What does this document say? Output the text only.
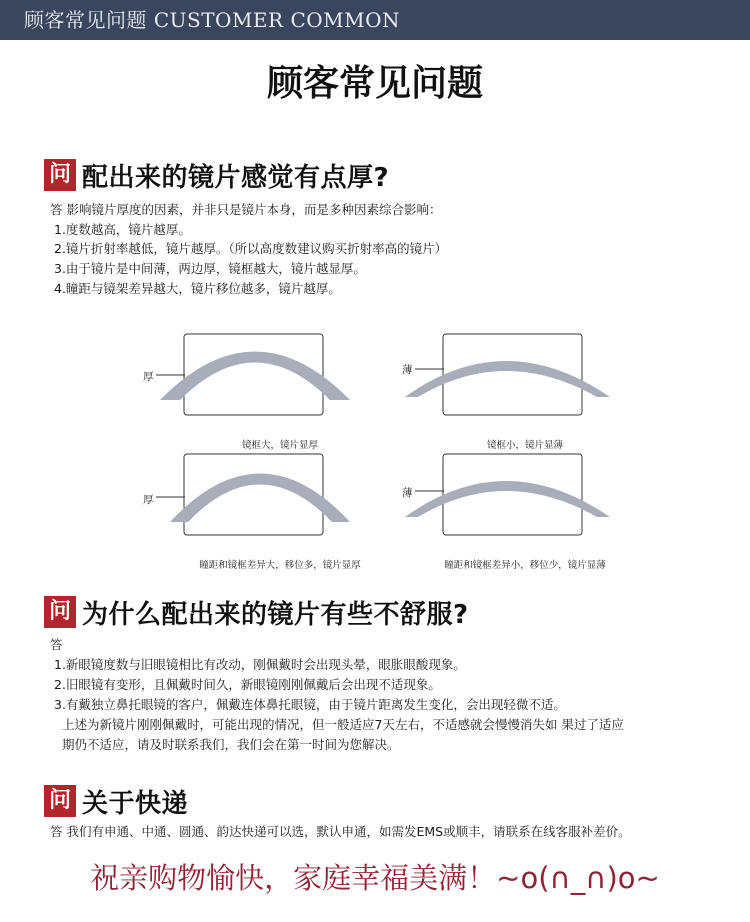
顾客常见问题 CUSTOMER COMMON
顾客常见问题
问 配出来的镜片感觉有点厚?
答 影响镜片厚度的因素，并非只是镜片本身，而是多种因素综合影响：
1.度数越高，镜片越厚。
2.镜片折射率越低，镜片越厚。（所以高度数建议购买折射率高的镜片）
3.由于镜片是中间薄，两边厚，镜框越大，镜片越显厚。
4.瞳距与镜架差异越大，镜片移位越多，镜片越厚。
厚
镜框大，镜片显厚
薄
镜框小，镜片显薄
厚
瞳距和镜框差异大，移位多，镜片显厚
薄
瞳距和镜框差异小，移位少，镜片显薄
问 为什么配出来的镜片有些不舒服?
答
1.新眼镜度数与旧眼镜相比有改动，刚佩戴时会出现头晕，眼胀眼酸现象。
2.旧眼镜有变形，且佩戴时间久，新眼镜刚刚佩戴后会出现不适现象。
3.有戴独立鼻托眼镜的客户，佩戴连体鼻托眼镜，由于镜片距离发生变化，会出现轻微不适。
上述为新镜片刚刚佩戴时，可能出现的情况，但一般适应7天左右，不适感就会慢慢消失如 果过了适应
期仍不适应，请及时联系我们，我们会在第一时间为您解决。
问 关于快递
答 我们有申通、中通、圆通、韵达快递可以选，默认申通，如需发EMS或顺丰，请联系在线客服补差价。
祝亲购物愉快，家庭幸福美满！~o(∩_∩)o~
